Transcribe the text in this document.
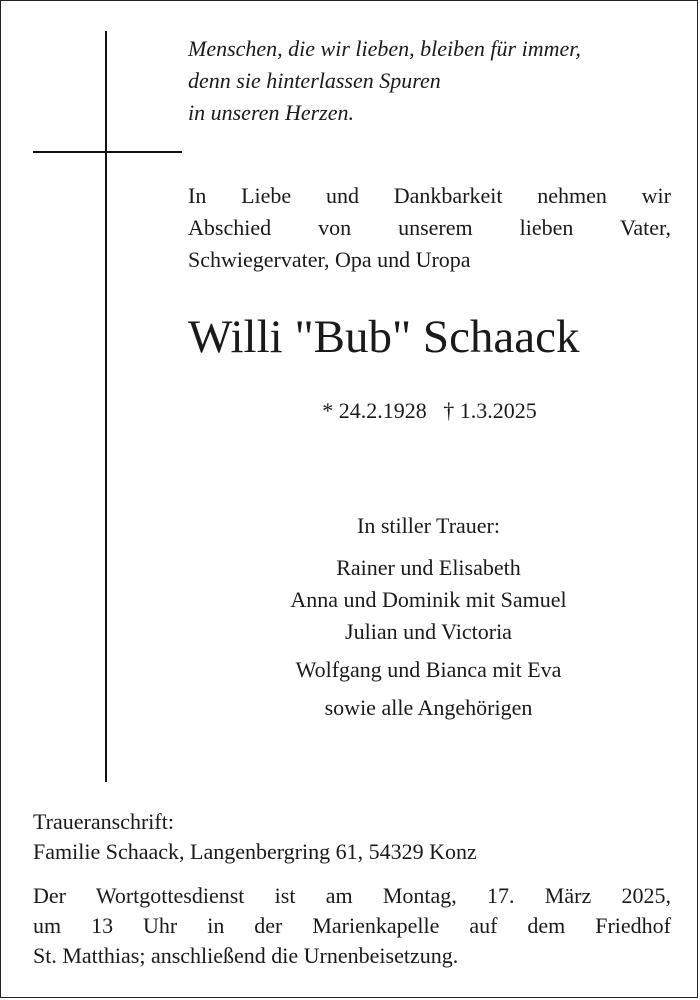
Menschen, die wir lieben, bleiben für immer,
denn sie hinterlassen Spuren
in unseren Herzen.
In Liebe und Dankbarkeit nehmen wir
Abschied von unserem lieben Vater,
Schwiegervater, Opa und Uropa
Willi "Bub" Schaack
* 24.2.1928   † 1.3.2025
In stiller Trauer:
Rainer und Elisabeth
Anna und Dominik mit Samuel
Julian und Victoria
Wolfgang und Bianca mit Eva
sowie alle Angehörigen
Traueranschrift:
Familie Schaack, Langenbergring 61, 54329 Konz
Der Wortgottesdienst ist am Montag, 17. März 2025,
um 13 Uhr in der Marienkapelle auf dem Friedhof
St. Matthias; anschließend die Urnenbeisetzung.
